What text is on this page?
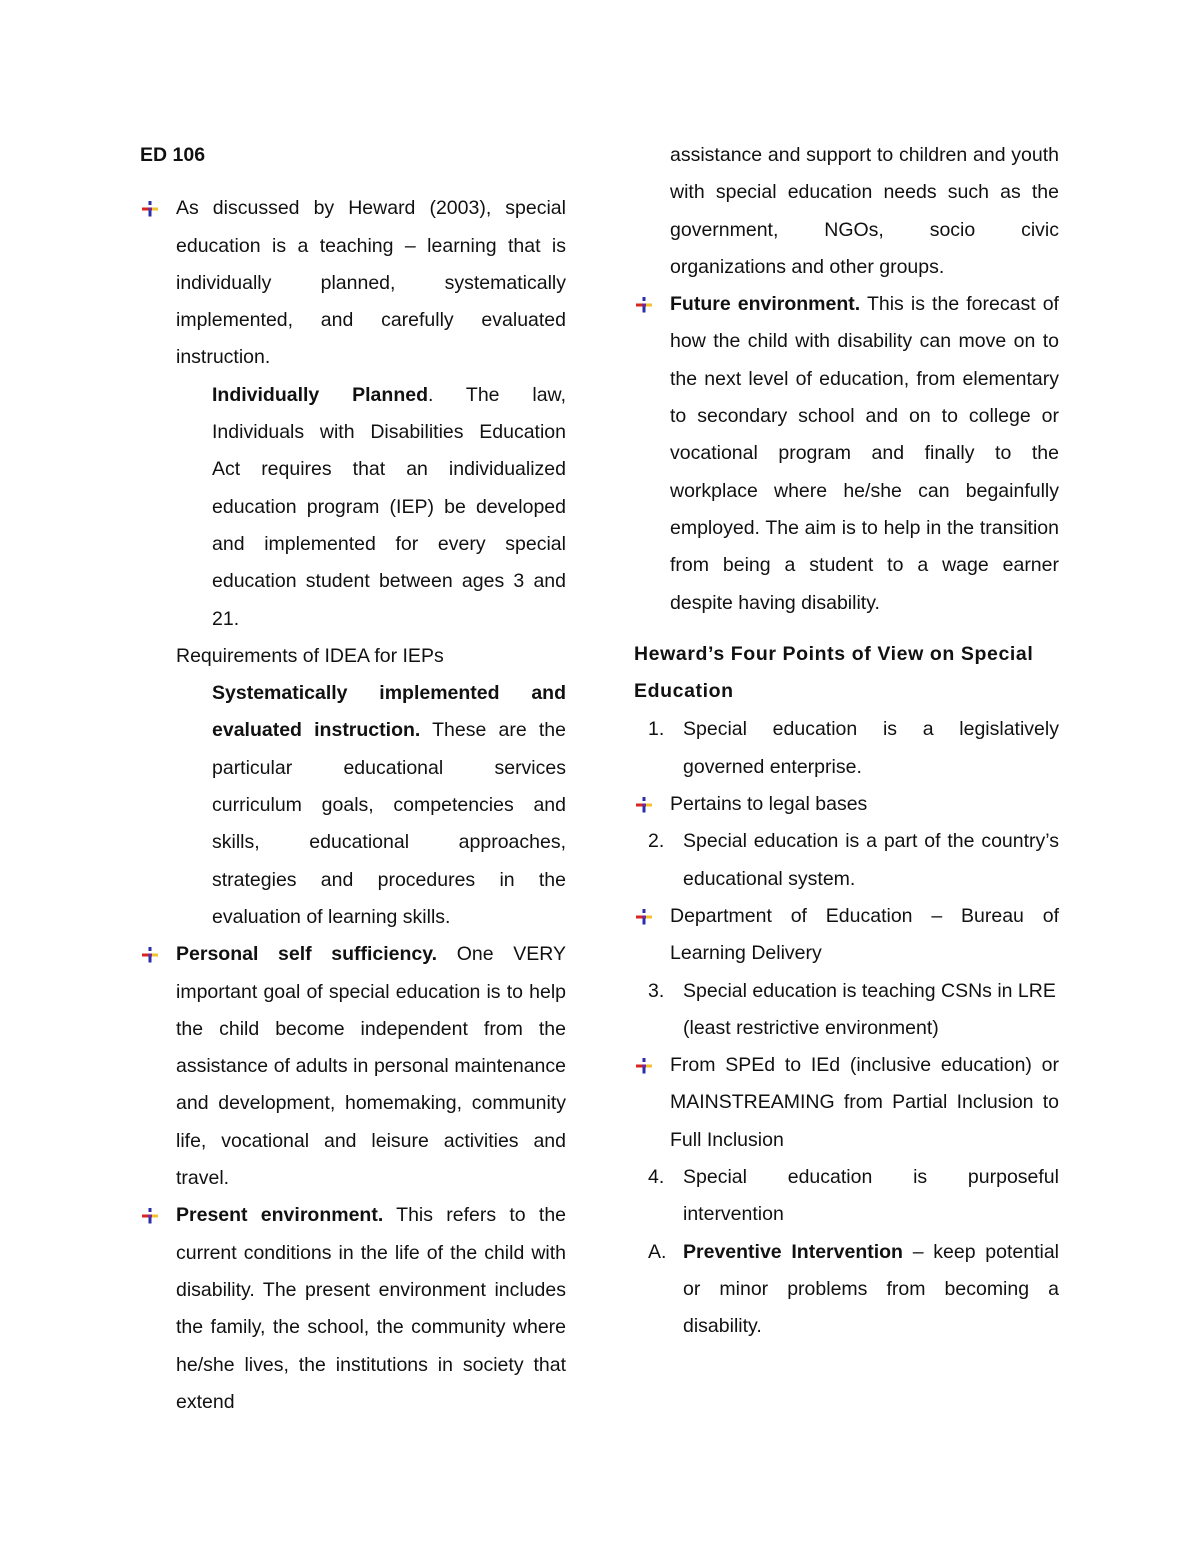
ED 106
As discussed by Heward (2003), special education is a teaching – learning that is individually planned, systematically implemented, and carefully evaluated instruction.
Individually Planned. The law, Individuals with Disabilities Education Act requires that an individualized education program (IEP) be developed and implemented for every special education student between ages 3 and 21.
Requirements of IDEA for IEPs
Systematically implemented and evaluated instruction. These are the particular educational services curriculum goals, competencies and skills, educational approaches, strategies and procedures in the evaluation of learning skills.
Personal self sufficiency. One VERY important goal of special education is to help the child become independent from the assistance of adults in personal maintenance and development, homemaking, community life, vocational and leisure activities and travel.
Present environment. This refers to the current conditions in the life of the child with disability. The present environment includes the family, the school, the community where he/she lives, the institutions in society that extend
assistance and support to children and youth with special education needs such as the government, NGOs, socio civic organizations and other groups.
Future environment. This is the forecast of how the child with disability can move on to the next level of education, from elementary to secondary school and on to college or vocational program and finally to the workplace where he/she can begainfully employed. The aim is to help in the transition from being a student to a wage earner despite having disability.
Heward’s Four Points of View on Special Education
1. Special education is a legislatively governed enterprise.
Pertains to legal bases
2. Special education is a part of the country’s educational system.
Department of Education – Bureau of Learning Delivery
3. Special education is teaching CSNs in LRE (least restrictive environment)
From SPEd to IEd (inclusive education) or MAINSTREAMING from Partial Inclusion to Full Inclusion
4. Special education is purposeful intervention
A. Preventive Intervention – keep potential or minor problems from becoming a disability.
